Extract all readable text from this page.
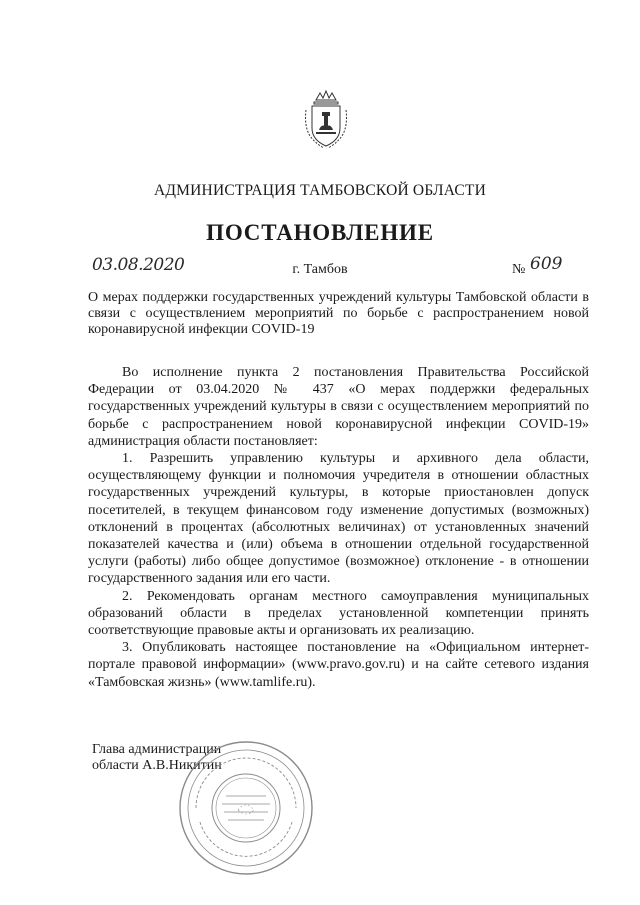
АДМИНИСТРАЦИЯ ТАМБОВСКОЙ ОБЛАСТИ
ПОСТАНОВЛЕНИЕ
03.08.2020	г. Тамбов	№ 609

О мерах поддержки государственных учреждений культуры Тамбовской области в связи с осуществлением мероприятий по борьбе с распространением новой коронавирусной инфекции COVID-19

Во исполнение пункта 2 постановления Правительства Российской Федерации от 03.04.2020 № 437 «О мерах поддержки федеральных государственных учреждений культуры в связи с осуществлением мероприятий по борьбе с распространением новой коронавирусной инфекции COVID-19» администрация области постановляет:

1. Разрешить управлению культуры и архивного дела области, осуществляющему функции и полномочия учредителя в отношении областных государственных учреждений культуры, в которые приостановлен допуск посетителей, в текущем финансовом году изменение допустимых (возможных) отклонений в процентах (абсолютных величинах) от установленных значений показателей качества и (или) объема в отношении отдельной государственной услуги (работы) либо общее допустимое (возможное) отклонение - в отношении государственного задания или его части.

2. Рекомендовать органам местного самоуправления муниципальных образований области в пределах установленной компетенции принять соответствующие правовые акты и организовать их реализацию.

3. Опубликовать настоящее постановление на «Официальном интернет-портале правовой информации» (www.pravo.gov.ru) и на сайте сетевого издания «Тамбовская жизнь» (www.tamlife.ru).

Глава администрации
области А.В.Никитин
